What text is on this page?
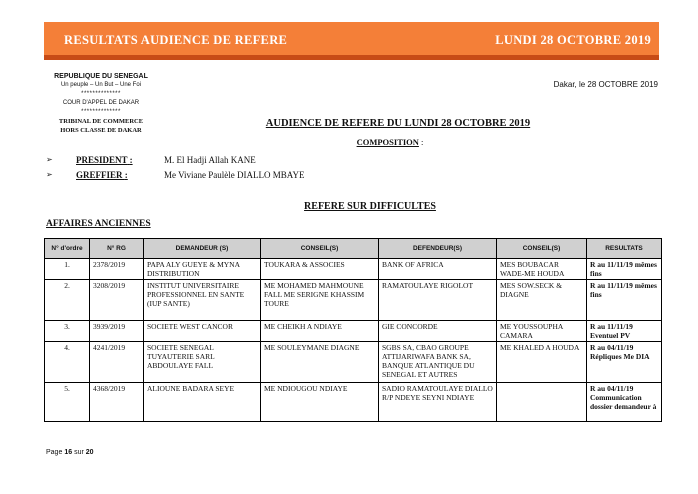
RESULTATS AUDIENCE DE REFERE	LUNDI 28 OCTOBRE 2019
REPUBLIQUE DU SENEGAL
Un peuple – Un But – Une Foi
**************
COUR D'APPEL DE DAKAR
**************
TRIBINAL DE COMMERCE
HORS CLASSE DE DAKAR
Dakar, le 28 OCTOBRE 2019
AUDIENCE DE REFERE DU LUNDI 28 OCTOBRE 2019
COMPOSITION :
➢	PRESIDENT :	M. El Hadji Allah KANE
➢	GREFFIER :	Me Viviane Paulèle DIALLO MBAYE
REFERE SUR DIFFICULTES
AFFAIRES ANCIENNES
N° d'ordre	N° RG	DEMANDEUR (S)	CONSEIL(S)	DEFENDEUR(S)	CONSEIL(S)	RESULTATS
1.	2378/2019	PAPA ALY GUEYE & MYNA DISTRIBUTION	TOUKARA & ASSOCIES	BANK OF AFRICA	MES BOUBACAR WADE-ME HOUDA	R au 11/11/19 mêmes fins
2.	3208/2019	INSTITUT UNIVERSITAIRE PROFESSIONNEL EN SANTE (IUP SANTE)	ME MOHAMED MAHMOUNE FALL ME SERIGNE KHASSIM TOURE	RAMATOULAYE RIGOLOT	MES SOW.SECK & DIAGNE	R au 11/11/19 mêmes fins
3.	3939/2019	SOCIETE WEST CANCOR	ME CHEIKH A NDIAYE	GIE CONCORDE	ME YOUSSOUPHA CAMARA	R au 11/11/19 Eventuel PV
4.	4241/2019	SOCIETE SENEGAL TUYAUTERIE SARL ABDOULAYE FALL	ME SOULEYMANE DIAGNE	SGBS SA, CBAO GROUPE ATTIJARIWAFA BANK SA, BANQUE ATLANTIQUE DU SENEGAL ET AUTRES	ME KHALED A HOUDA	R au 04/11/19 Répliques Me DIA
5.	4368/2019	ALIOUNE BADARA SEYE	ME NDIOUGOU NDIAYE	SADIO RAMATOULAYE DIALLO R/P NDEYE SEYNI NDIAYE		R au 04/11/19 Communication dossier demandeur à
Page 16 sur 20
